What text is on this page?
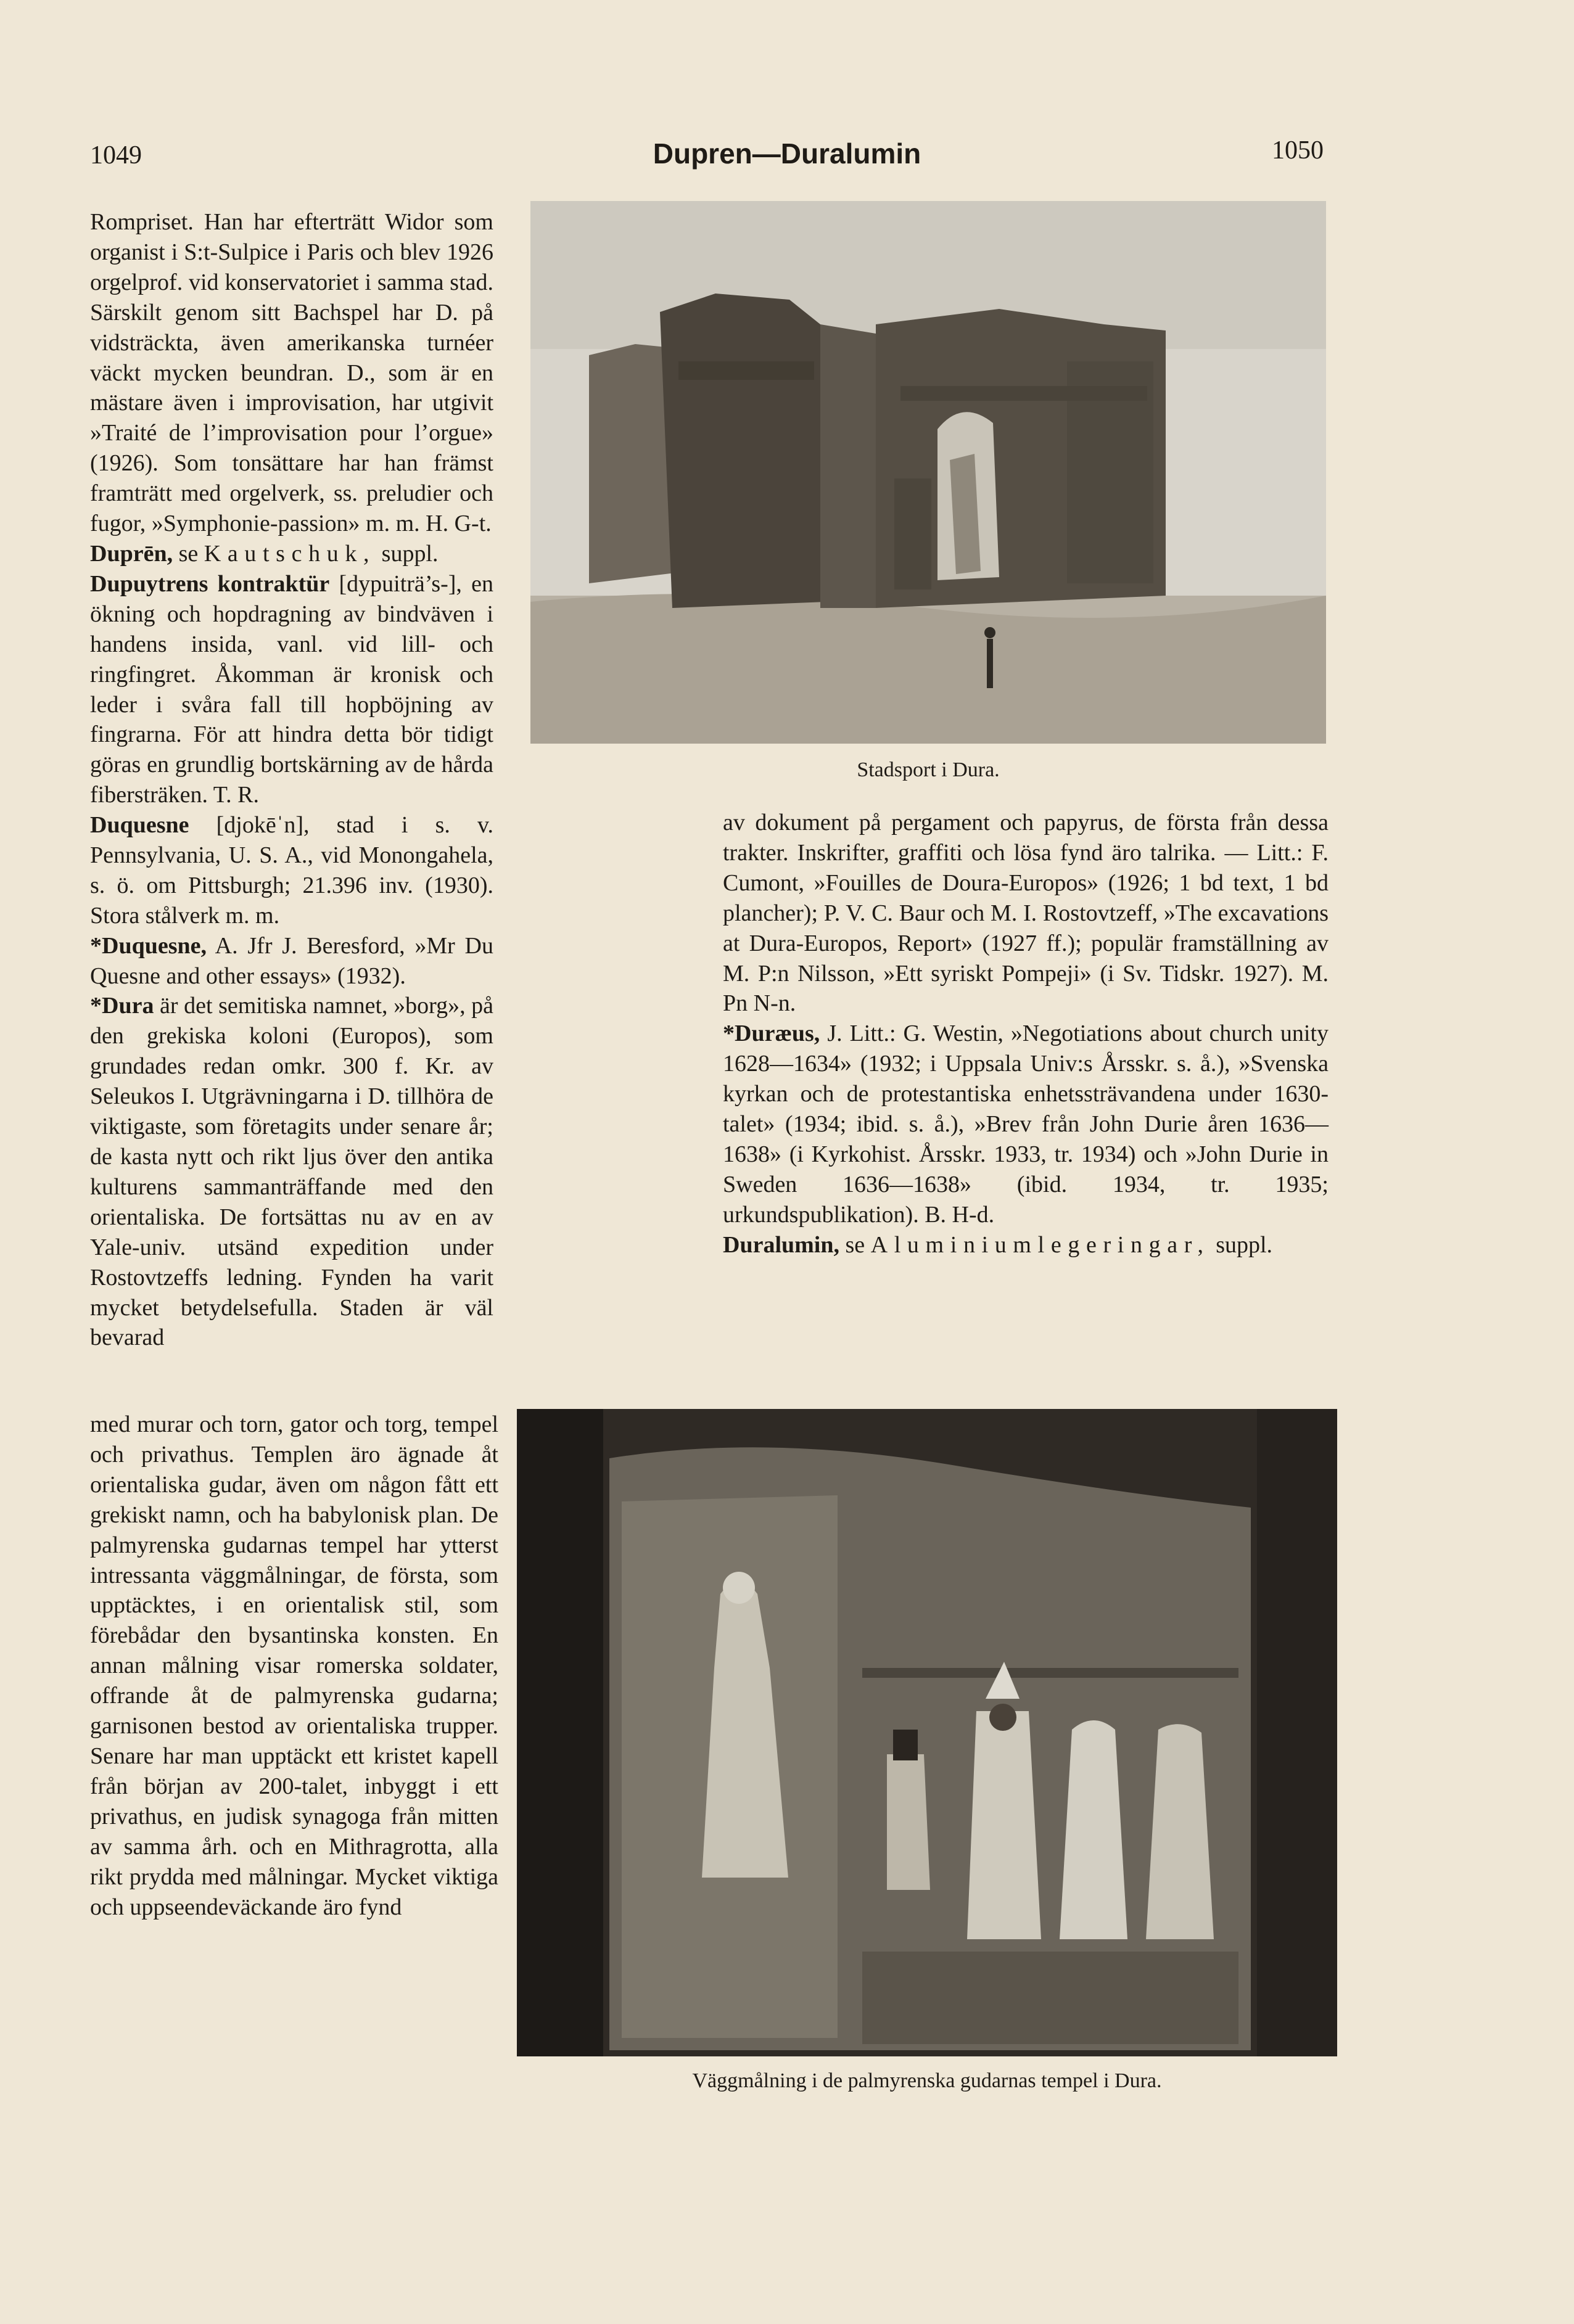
1049	Dupren—Duralumin	1050

Rompriset. Han har efterträtt Widor som organist i S:t-Sulpice i Paris och blev 1926 orgelprof. vid konservatoriet i samma stad. Särskilt genom sitt Bachspel har D. på vidsträckta, även amerikanska turnéer väckt mycken beundran. D., som är en mästare även i improvisation, har utgivit »Traité de l’improvisation pour l’orgue» (1926). Som tonsättare har han främst framträtt med orgelverk, ss. preludier och fugor, »Symphonie-passion» m. m. H. G-t.

Duprēn, se Kautschuk, suppl.

Dupuytrens kontraktür [dypuiträ’s-], en ökning och hopdragning av bindväven i handens insida, vanl. vid lill- och ringfingret. Åkomman är kronisk och leder i svåra fall till hopböjning av fingrarna. För att hindra detta bör tidigt göras en grundlig bortskärning av de hårda fibersträken. T. R.

Duquesne [djokēˈn], stad i s. v. Pennsylvania, U. S. A., vid Monongahela, s. ö. om Pittsburgh; 21.396 inv. (1930). Stora stålverk m. m.

*Duquesne, A. Jfr J. Beresford, »Mr Du Quesne and other essays» (1932).

*Dura är det semitiska namnet, »borg», på den grekiska koloni (Europos), som grundades redan omkr. 300 f. Kr. av Seleukos I. Utgrävningarna i D. tillhöra de viktigaste, som företagits under senare år; de kasta nytt och rikt ljus över den antika kulturens sammanträffande med den orientaliska. De fortsättas nu av en av Yale-univ. utsänd expedition under Rostovtzeffs ledning. Fynden ha varit mycket betydelsefulla. Staden är väl bevarad

med murar och torn, gator och torg, tempel och privathus. Templen äro ägnade åt orientaliska gudar, även om någon fått ett grekiskt namn, och ha babylonisk plan. De palmyrenska gudarnas tempel har ytterst intressanta väggmålningar, de första, som upptäcktes, i en orientalisk stil, som förebådar den bysantinska konsten. En annan målning visar romerska soldater, offrande åt de palmyrenska gudarna; garnisonen bestod av orientaliska trupper. Senare har man upptäckt ett kristet kapell från början av 200-talet, inbyggt i ett privathus, en judisk synagoga från mitten av samma årh. och en Mithragrotta, alla rikt prydda med målningar. Mycket viktiga och uppseendeväckande äro fynd

av dokument på pergament och papyrus, de första från dessa trakter. Inskrifter, graffiti och lösa fynd äro talrika. — Litt.: F. Cumont, »Fouilles de Doura-Europos» (1926; 1 bd text, 1 bd plancher); P. V. C. Baur och M. I. Rostovtzeff, »The excavations at Dura-Europos, Report» (1927 ff.); populär framställning av M. P:n Nilsson, »Ett syriskt Pompeji» (i Sv. Tidskr. 1927). M. Pn N-n.

*Duræus, J. Litt.: G. Westin, »Negotiations about church unity 1628—1634» (1932; i Uppsala Univ:s Årsskr. s. å.), »Svenska kyrkan och de protestantiska enhetssträvandena under 1630-talet» (1934; ibid. s. å.), »Brev från John Durie åren 1636—1638» (i Kyrkohist. Årsskr. 1933, tr. 1934) och »John Durie in Sweden 1636—1638» (ibid. 1934, tr. 1935; urkundspublikation). B. H-d.

Duralumin, se Aluminiumlegeringar, suppl.

Stadsport i Dura.
Väggmålning i de palmyrenska gudarnas tempel i Dura.
